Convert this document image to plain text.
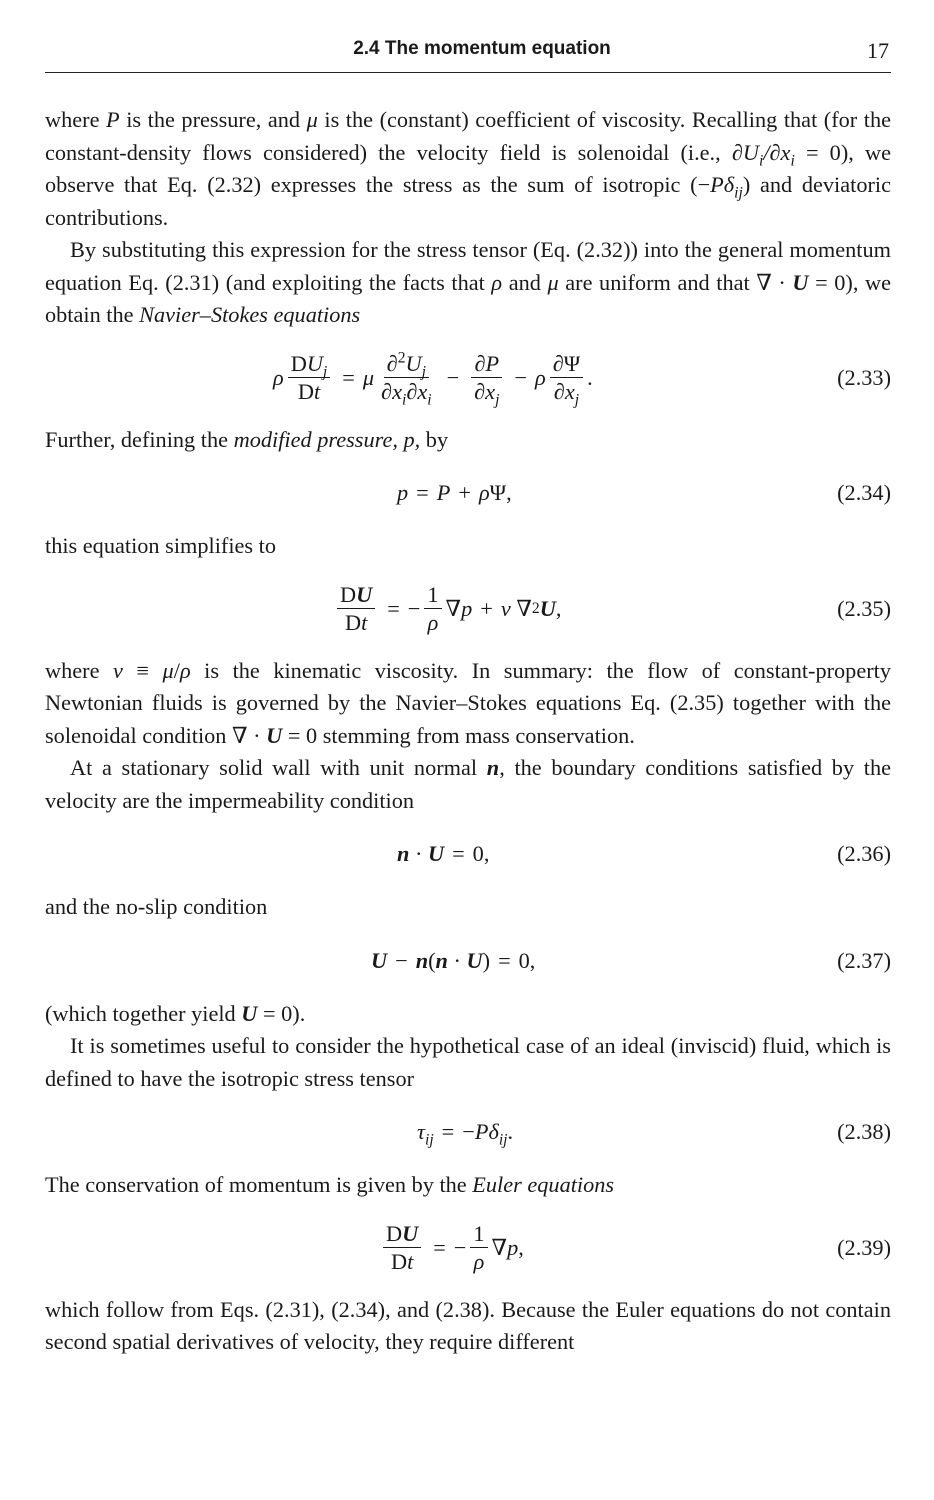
2.4 The momentum equation	17

where P is the pressure, and μ is the (constant) coefficient of viscosity. Recalling that (for the constant-density flows considered) the velocity field is solenoidal (i.e., $\partial U_i/\partial x_i = 0$), we observe that Eq. (2.32) expresses the stress as the sum of isotropic $(-P\delta_{ij})$ and deviatoric contributions.

By substituting this expression for the stress tensor (Eq. (2.32)) into the general momentum equation Eq. (2.31) (and exploiting the facts that ρ and μ are uniform and that ∇ · U = 0), we obtain the Navier–Stokes equations

ρ $\frac{DU_j}{Dt} = \mu \frac{\partial^2U_j}{\partial x_i\partial x_i} - \frac{\partial P}{\partial x_j} - \rho \frac{\partial\Psi}{\partial x_j}$ .	(2.33)

Further, defining the modified pressure, p, by

p = P + ρ Ψ,	(2.34)

this equation simplifies to

$\frac{DU}{Dt}$ = − $\frac{1}{\rho}$ ∇ p + ν ∇ 2 U ,	(2.35)

where ν ≡ μ/ρ is the kinematic viscosity. In summary: the flow of constant-property Newtonian fluids is governed by the Navier–Stokes equations Eq. (2.35) together with the solenoidal condition ∇ · U = 0 stemming from mass conservation.

At a stationary solid wall with unit normal n, the boundary conditions satisfied by the velocity are the impermeability condition

n · U = 0,	(2.36)

and the no-slip condition

U − n ( n · U ) = 0,	(2.37)

(which together yield U = 0).

It is sometimes useful to consider the hypothetical case of an ideal (inviscid) fluid, which is defined to have the isotropic stress tensor

$\tau_{ij}$ = − $P\delta_{ij}$ .	(2.38)

The conservation of momentum is given by the Euler equations

$\frac{DU}{Dt}$ = − $\frac{1}{\rho}$ ∇ p ,	(2.39)

which follow from Eqs. (2.31), (2.34), and (2.38). Because the Euler equations do not contain second spatial derivatives of velocity, they require different
